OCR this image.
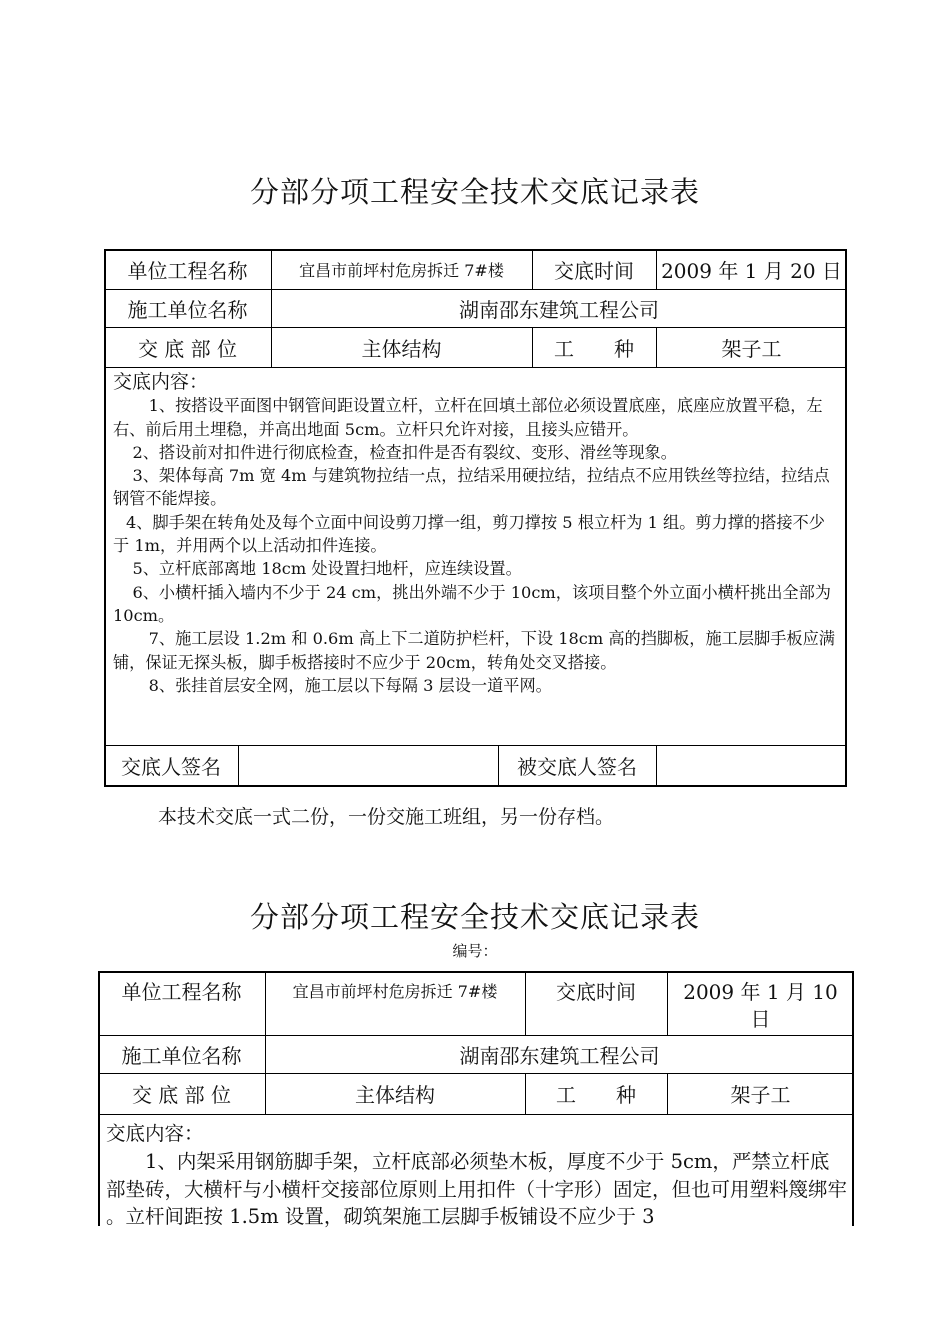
分部分项工程安全技术交底记录表
单位工程名称	宜昌市前坪村危房拆迁 7#楼	交底时间	2009 年 1 月 20 日
施工单位名称	湖南邵东建筑工程公司
交 底 部 位	主体结构	工　　种	架子工

交底内容：

1、按搭设平面图中钢管间距设置立杆，立杆在回填土部位必须设置底座，底座应放置平稳，左右、前后用土埋稳，并高出地面 5cm。立杆只允许对接，且接头应错开。

2、搭设前对扣件进行彻底检查，检查扣件是否有裂纹、变形、滑丝等现象。

3、架体每高 7m 宽 4m 与建筑物拉结一点，拉结采用硬拉结，拉结点不应用铁丝等拉结，拉结点钢管不能焊接。

4、脚手架在转角处及每个立面中间设剪刀撑一组，剪刀撑按 5 根立杆为 1 组。剪力撑的搭接不少于 1m，并用两个以上活动扣件连接。

5、立杆底部离地 18cm 处设置扫地杆，应连续设置。

6、小横杆插入墙内不少于 24 cm，挑出外端不少于 10cm，该项目整个外立面小横杆挑出全部为 10cm。

7、施工层设 1.2m 和 0.6m 高上下二道防护栏杆，下设 18cm 高的挡脚板，施工层脚手板应满铺，保证无探头板，脚手板搭接时不应少于 20cm，转角处交叉搭接。

8、张挂首层安全网，施工层以下每隔 3 层设一道平网。

交底人签名	被交底人签名
本技术交底一式二份，一份交施工班组，另一份存档。
分部分项工程安全技术交底记录表
编号：
单位工程名称	宜昌市前坪村危房拆迁 7#楼	交底时间	2009 年 1 月 10
日
施工单位名称	湖南邵东建筑工程公司
交 底 部 位	主体结构	工　　种	架子工

交底内容：

1、内架采用钢筋脚手架，立杆底部必须垫木板，厚度不少于 5cm，严禁立杆底部垫砖，大横杆与小横杆交接部位原则上用扣件（十字形）固定，但也可用塑料篾绑牢 。立杆间距按 1.5m 设置，砌筑架施工层脚手板铺设不应少于 3
